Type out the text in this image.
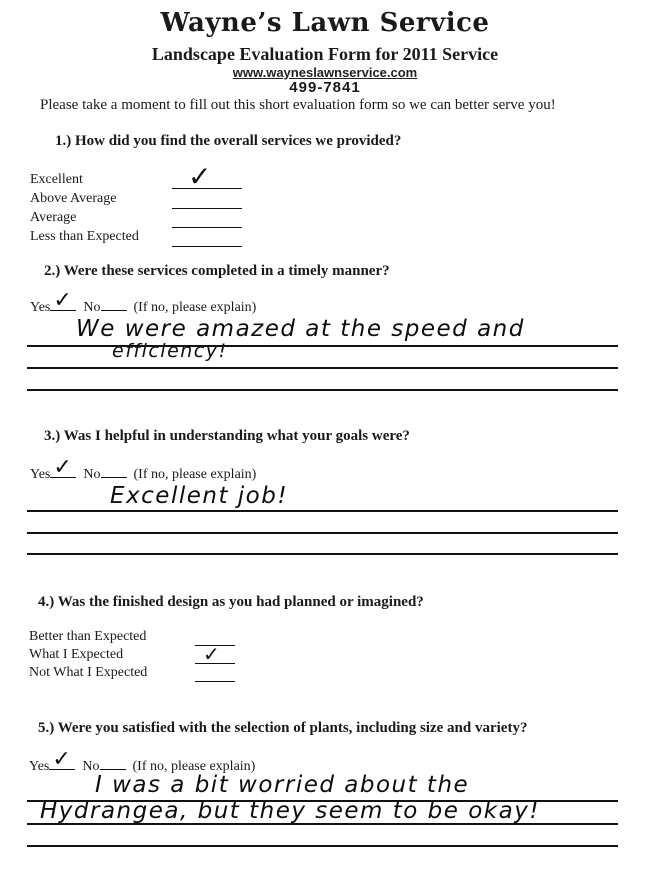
Wayne’s Lawn Service
Landscape Evaluation Form for 2011 Service
www.wayneslawnservice.com
499-7841
Please take a moment to fill out this short evaluation form so we can better serve you!
1.) How did you find the overall services we provided?
Excellent
Above Average
Average
Less than Expected
✓
2.) Were these services completed in a timely manner?
Yes ✓ No (If no, please explain)
We were amazed at the speed and
efficiency!
3.) Was I helpful in understanding what your goals were?
Yes ✓ No (If no, please explain)
Excellent job!
4.) Was the finished design as you had planned or imagined?
Better than Expected
What I Expected
Not What I Expected
✓
5.) Were you satisfied with the selection of plants, including size and variety?
Yes ✓ No (If no, please explain)
I was a bit worried about the
Hydrangea, but they seem to be okay!
